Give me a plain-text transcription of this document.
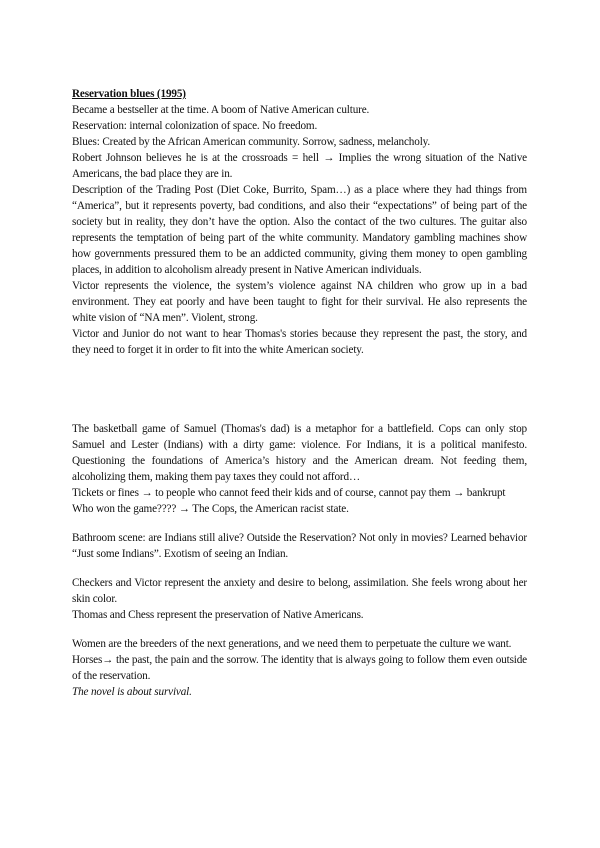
Reservation blues (1995)

Became a bestseller at the time. A boom of Native American culture.

Reservation: internal colonization of space. No freedom.

Blues: Created by the African American community. Sorrow, sadness, melancholy.

Robert Johnson believes he is at the crossroads = hell → Implies the wrong situation of the Native Americans, the bad place they are in.

Description of the Trading Post (Diet Coke, Burrito, Spam…) as a place where they had things from “America”, but it represents poverty, bad conditions, and also their “expectations” of being part of the society but in reality, they don’t have the option. Also the contact of the two cultures. The guitar also represents the temptation of being part of the white community. Mandatory gambling machines show how governments pressured them to be an addicted community, giving them money to open gambling places, in addition to alcoholism already present in Native American individuals.

Victor represents the violence, the system’s violence against NA children who grow up in a bad environment. They eat poorly and have been taught to fight for their survival. He also represents the white vision of “NA men”. Violent, strong.

Victor and Junior do not want to hear Thomas's stories because they represent the past, the story, and they need to forget it in order to fit into the white American society.

The basketball game of Samuel (Thomas's dad) is a metaphor for a battlefield. Cops can only stop Samuel and Lester (Indians) with a dirty game: violence. For Indians, it is a political manifesto. Questioning the foundations of America’s history and the American dream. Not feeding them, alcoholizing them, making them pay taxes they could not afford…

Tickets or fines → to people who cannot feed their kids and of course, cannot pay them → bankrupt

Who won the game???? → The Cops, the American racist state.

Bathroom scene: are Indians still alive? Outside the Reservation? Not only in movies? Learned behavior “Just some Indians”. Exotism of seeing an Indian.

Checkers and Victor represent the anxiety and desire to belong, assimilation. She feels wrong about her skin color.

Thomas and Chess represent the preservation of Native Americans.

Women are the breeders of the next generations, and we need them to perpetuate the culture we want.

Horses→ the past, the pain and the sorrow. The identity that is always going to follow them even outside of the reservation.

The novel is about survival.
